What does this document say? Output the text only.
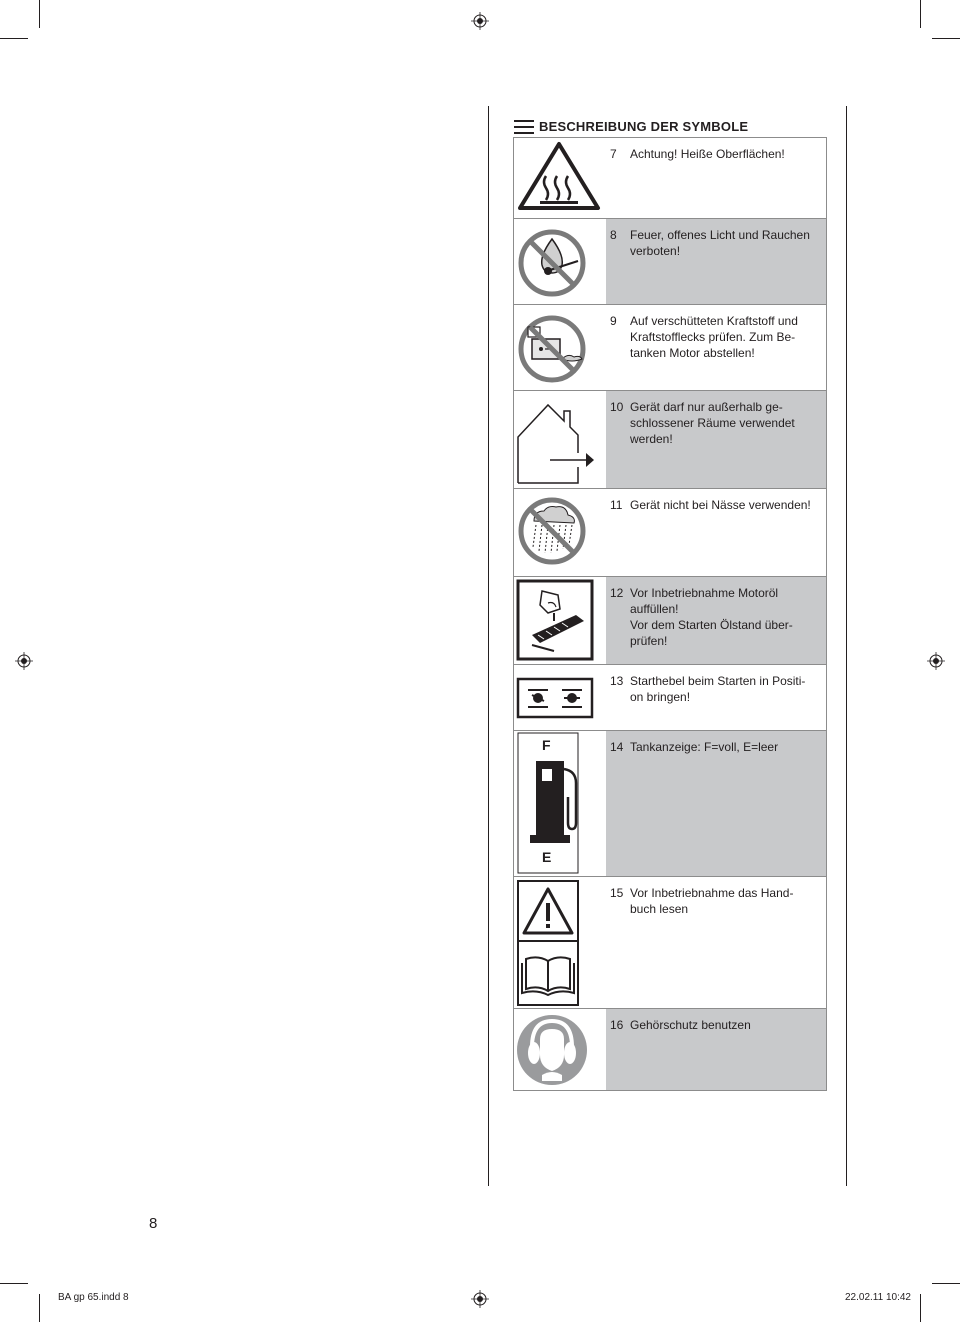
BESCHREIBUNG DER SYMBOLE
7	Achtung! Heiße Oberflächen!
8	Feuer, offenes Licht und Rauchen
verboten!
9	Auf verschütteten Kraftstoff und
Kraftstofflecks prüfen. Zum Be-
tanken Motor abstellen!
10 Gerät darf nur außerhalb ge-
schlossener Räume verwendet
werden!
11 Gerät nicht bei Nässe verwenden!
12 Vor Inbetriebnahme Motoröl
auffüllen!
Vor dem Starten Ölstand über-
prüfen!
13 Starthebel beim Starten in Positi-
on bringen!
F
E
14 Tankanzeige: F=voll, E=leer
15 Vor Inbetriebnahme das Hand-
buch lesen
16 Gehörschutz benutzen
8
BA gp 65.indd 8	22.02.11 10:42
